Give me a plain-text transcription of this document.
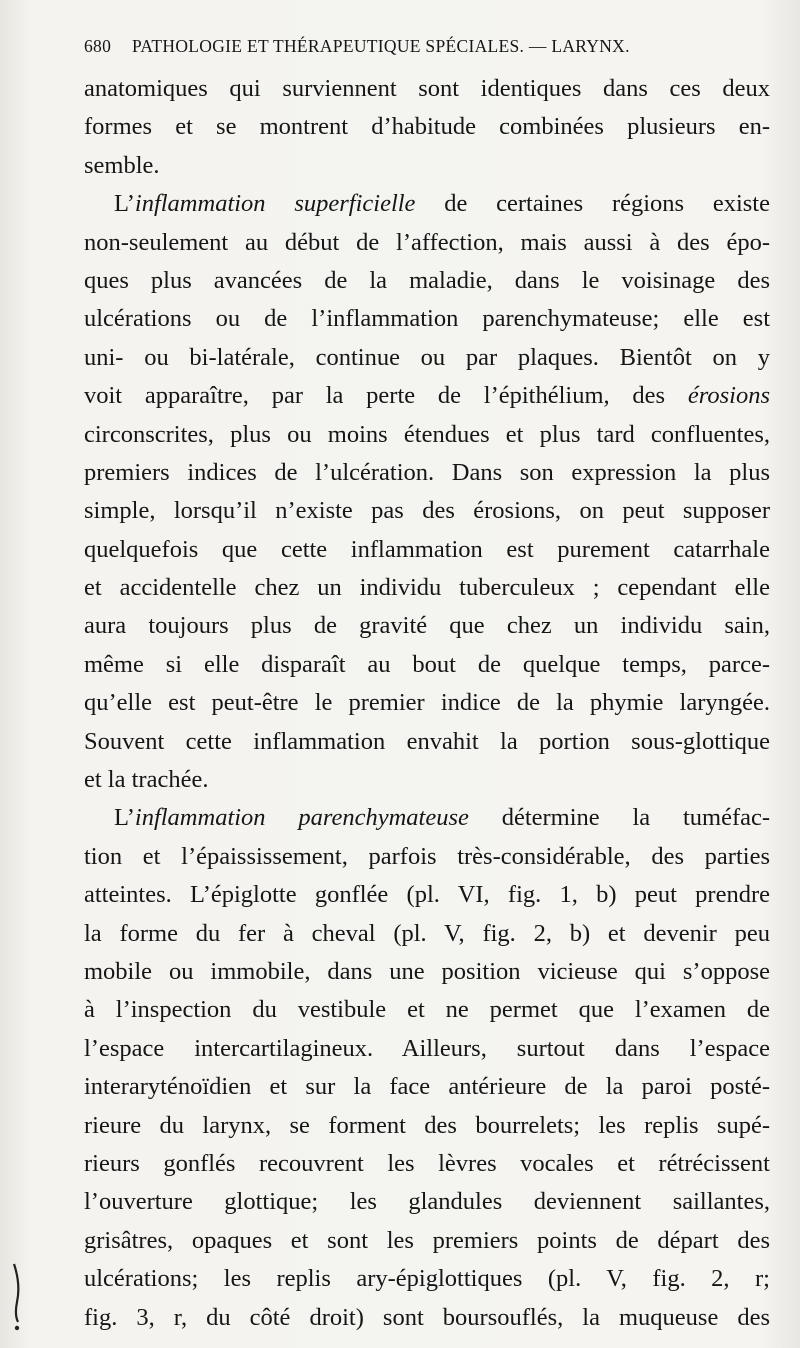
680 PATHOLOGIE ET THÉRAPEUTIQUE SPÉCIALES. — LARYNX.
anatomiques qui surviennent sont identiques dans ces deux
formes et se montrent d’habitude combinées plusieurs en-
semble.
L’inflammation superficielle de certaines régions existe
non-seulement au début de l’affection, mais aussi à des épo-
ques plus avancées de la maladie, dans le voisinage des
ulcérations ou de l’inflammation parenchymateuse; elle est
uni- ou bi-latérale, continue ou par plaques. Bientôt on y
voit apparaître, par la perte de l’épithélium, des érosions
circonscrites, plus ou moins étendues et plus tard confluentes,
premiers indices de l’ulcération. Dans son expression la plus
simple, lorsqu’il n’existe pas des érosions, on peut supposer
quelquefois que cette inflammation est purement catarrhale
et accidentelle chez un individu tuberculeux ; cependant elle
aura toujours plus de gravité que chez un individu sain,
même si elle disparaît au bout de quelque temps, parce-
qu’elle est peut-être le premier indice de la phymie laryngée.
Souvent cette inflammation envahit la portion sous-glottique
et la trachée.
L’inflammation parenchymateuse détermine la tuméfac-
tion et l’épaississement, parfois très-considérable, des parties
atteintes. L’épiglotte gonflée (pl. VI, fig. 1, b) peut prendre
la forme du fer à cheval (pl. V, fig. 2, b) et devenir peu
mobile ou immobile, dans une position vicieuse qui s’oppose
à l’inspection du vestibule et ne permet que l’examen de
l’espace intercartilagineux. Ailleurs, surtout dans l’espace
interaryténoïdien et sur la face antérieure de la paroi posté-
rieure du larynx, se forment des bourrelets; les replis supé-
rieurs gonflés recouvrent les lèvres vocales et rétrécissent
l’ouverture glottique; les glandules deviennent saillantes,
grisâtres, opaques et sont les premiers points de départ des
ulcérations; les replis ary-épiglottiques (pl. V, fig. 2, r;
fig. 3, r, du côté droit) sont boursouflés, la muqueuse des
